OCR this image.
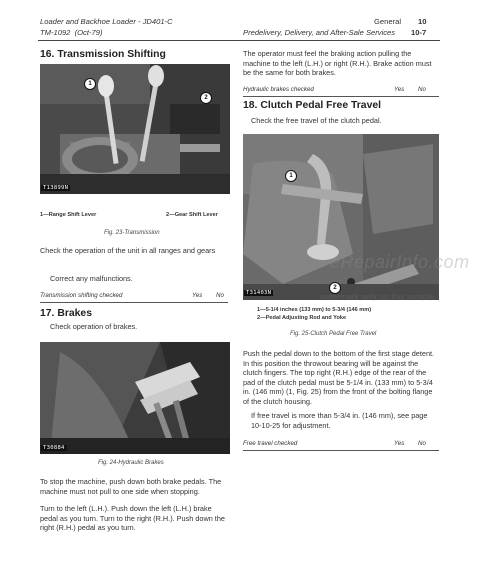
Loader and Backhoe Loader - JD401-C
TM-1092 (Oct-79)
General 10
Predelivery, Delivery, and After-Sale Services 10-7
16. Transmission Shifting
1
2
T13899N
1—Range Shift Lever	2—Gear Shift Lever
Fig. 23-Transmission
Check the operation of the unit in all ranges and gears
Correct any malfunctions.
Transmission shifting checked	Yes No
17. Brakes
Check operation of brakes.
T30884
Fig. 24-Hydraulic Brakes
To stop the machine, push down both brake pedals. The machine must not pull to one side when stopping.
Turn to the left (L.H.). Push down the left (L.H.) brake pedal as you turn. Turn to the right (R.H.). Push down the right (R.H.) pedal as you turn.
The operator must feel the braking action pulling the machine to the left (L.H.) or right (R.H.). Brake action must be the same for both brakes.
Hydraulic brakes checked	Yes No
18. Clutch Pedal Free Travel
Check the free travel of the clutch pedal.
1
2
T31403N
eRepairInfo.com
watermark only on this sample
1—5-1/4 inches (133 mm) to 5-3/4 (146 mm)
2—Pedal Adjusting Rod and Yoke
Fig. 25-Clutch Pedal Free Travel
Push the pedal down to the bottom of the first stage detent. In this position the throwout bearing will be against the clutch fingers. The top right (R.H.) edge of the rear of the pad of the clutch pedal must be 5-1/4 in. (133 mm) to 5-3/4 in. (146 mm) (1, Fig. 25) from the front of the bolting flange of the clutch housing.
If free travel is more than 5-3/4 in. (146 mm), see page 10-10-25 for adjustment.
Free travel checked	Yes No
